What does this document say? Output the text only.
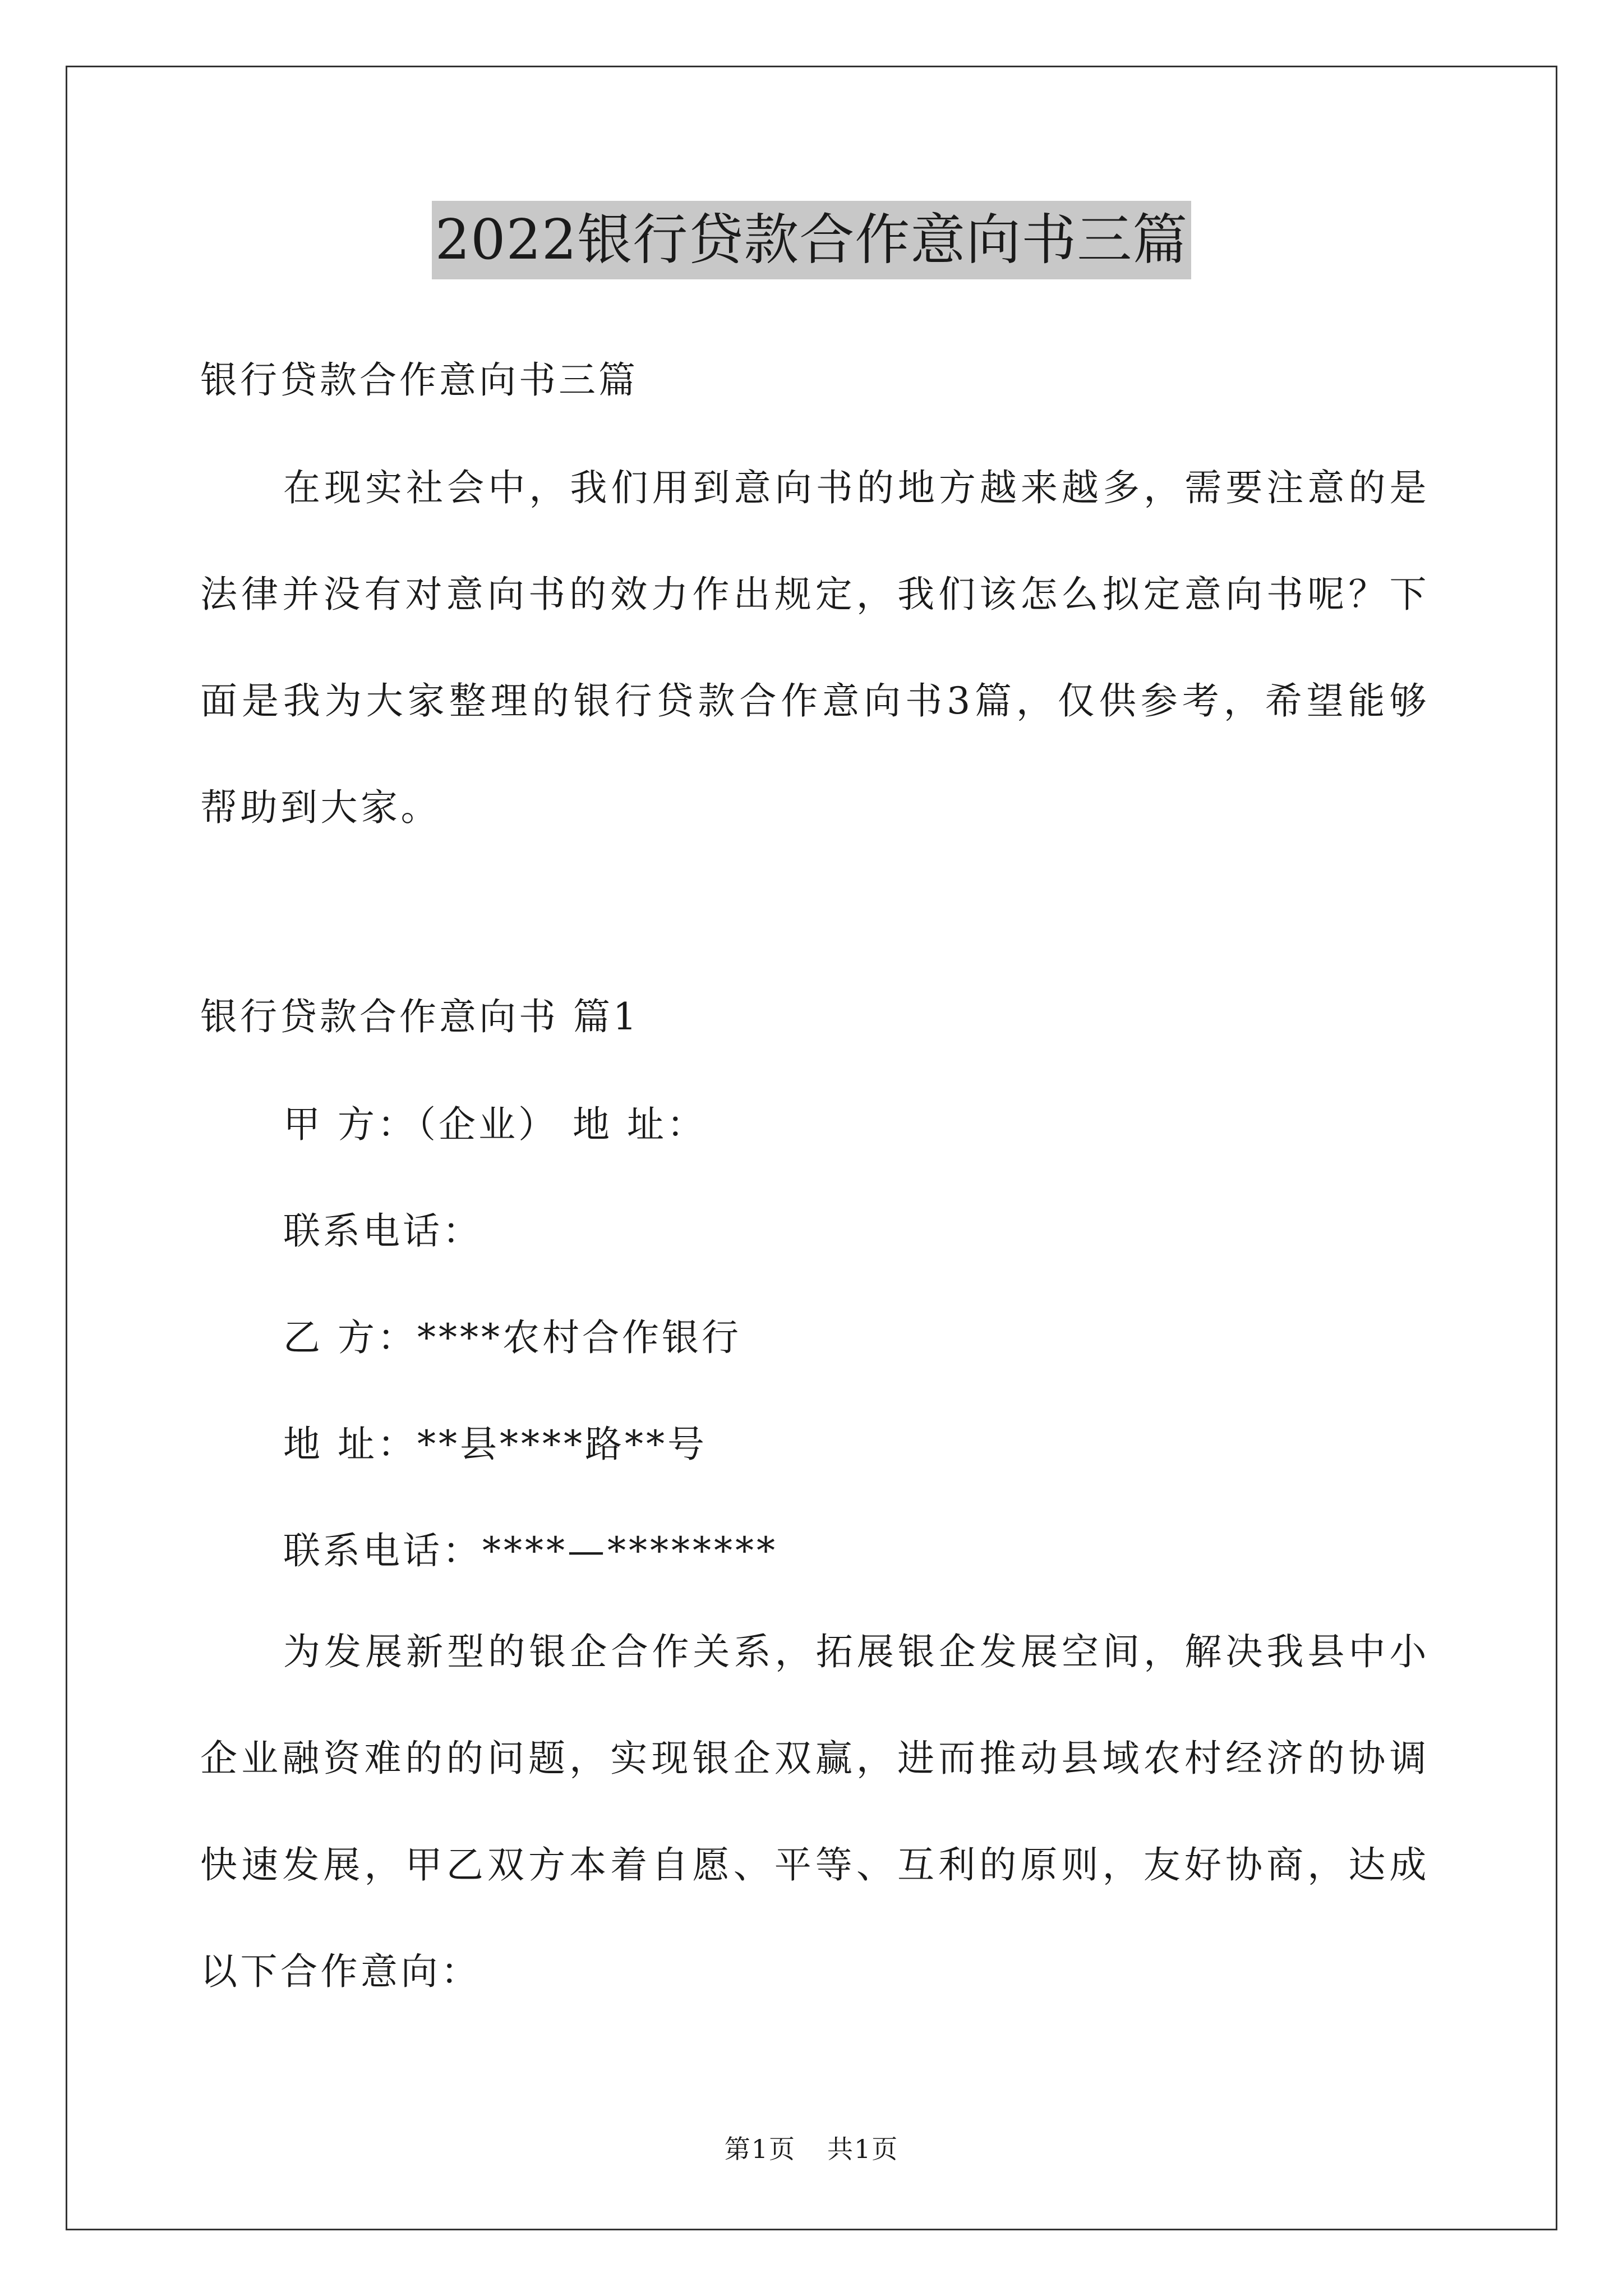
2022银行贷款合作意向书三篇

银行贷款合作意向书三篇

在现实社会中，我们用到意向书的地方越来越多，需要注意的是法律并没有对意向书的效力作出规定，我们该怎么拟定意向书呢？下面是我为大家整理的银行贷款合作意向书3篇，仅供参考，希望能够帮助到大家。

银行贷款合作意向书 篇1

甲 方：（企业） 地 址：

联系电话：

乙 方：****农村合作银行

地 址：**县****路**号

联系电话：****—********

为发展新型的银企合作关系，拓展银企发展空间，解决我县中小企业融资难的的问题，实现银企双赢，进而推动县域农村经济的协调快速发展，甲乙双方本着自愿、平等、互利的原则，友好协商，达成以下合作意向：

第1页 共1页
